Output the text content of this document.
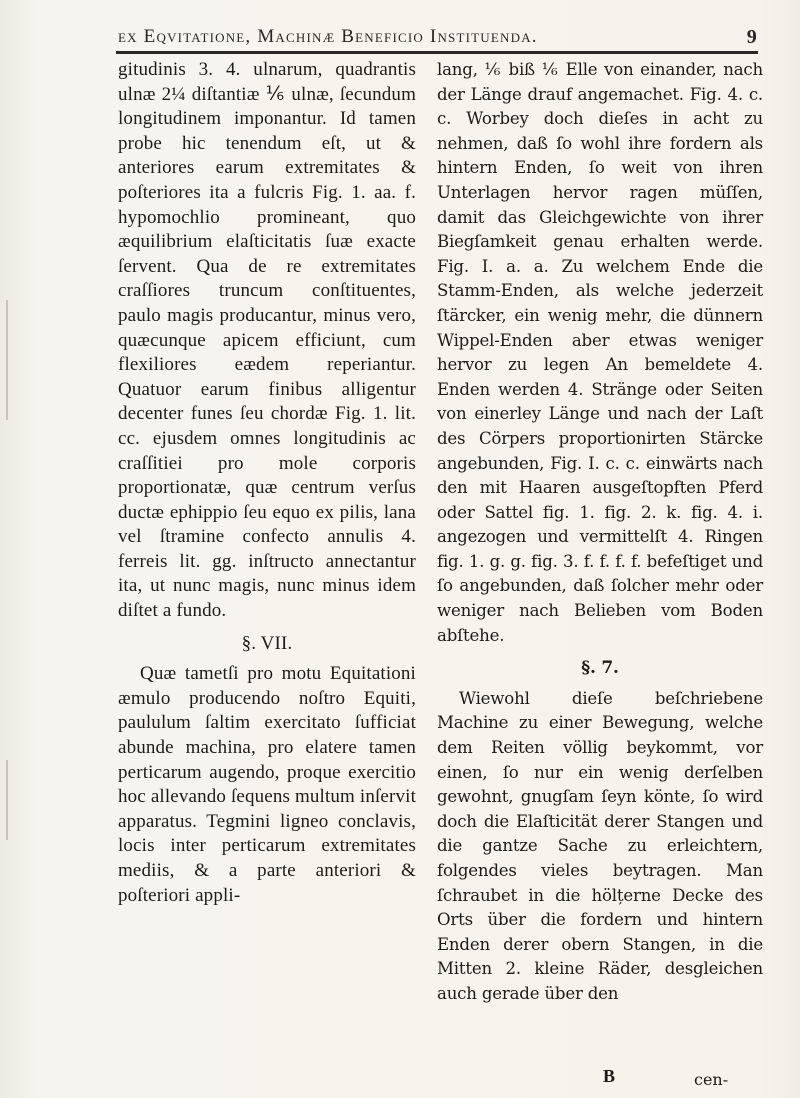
ex Eqvitatione, Machinæ Beneficio Instituenda.	9

gitudinis 3. 4. ulnarum, quadrantis ulnæ 2¼ diſtantiæ ⅙ ulnæ, ſecundum longitudinem imponantur. Id tamen probe hic tenendum eſt, ut & anteriores earum extremitates & poſteriores ita a fulcris Fig. 1. aa. f. hypomochlio promineant, quo æquilibrium elaſticitatis ſuæ exacte ſervent. Qua de re extremitates craſſiores truncum conſtituentes, paulo magis producantur, minus vero, quæcunque apicem efficiunt, cum flexiliores eædem reperiantur. Quatuor earum finibus alligentur decenter funes ſeu chordæ Fig. 1. lit. cc. ejusdem omnes longitudinis ac craſſitiei pro mole corporis proportionatæ, quæ centrum verſus ductæ ephippio ſeu equo ex pilis, lana vel ſtramine confecto annulis 4. ferreis lit. gg. inſtructo annectantur ita, ut nunc magis, nunc minus idem diſtet a fundo.

§. VII.

Quæ tametſi pro motu Equitationi æmulo producendo noſtro Equiti, paululum ſaltim exercitato ſufficiat abunde machina, pro elatere tamen perticarum augendo, proque exercitio hoc allevando ſequens multum inſervit apparatus. Tegmini ligneo conclavis, locis inter perticarum extremitates mediis, & a parte anteriori & poſteriori appli-

lang, ⅙ biß ⅙ Elle von einander, nach der Länge drauf angemachet. Fig. 4. c. c. Worbey doch dieſes in acht zu nehmen, daß ſo wohl ihre fordern als hintern Enden, ſo weit von ihren Unterlagen hervor ragen müſſen, damit das Gleichgewichte von ihrer Biegſamkeit genau erhalten werde. Fig. I. a. a. Zu welchem Ende die Stamm-Enden, als welche jederzeit ſtärcker, ein wenig mehr, die dünnern Wippel-Enden aber etwas weniger hervor zu legen An bemeldete 4. Enden werden 4. Stränge oder Seiten von einerley Länge und nach der Laſt des Cörpers proportionirten Stärcke angebunden, Fig. I. c. c. einwärts nach den mit Haaren ausgeſtopften Pferd oder Sattel fig. 1. fig. 2. k. fig. 4. i. angezogen und vermittelſt 4. Ringen fig. 1. g. g. fig. 3. f. f. f. f. befeſtiget und ſo angebunden, daß ſolcher mehr oder weniger nach Belieben vom Boden abſtehe.

§. 7.

Wiewohl dieſe beſchriebene Machine zu einer Bewegung, welche dem Reiten völlig beykommt, vor einen, ſo nur ein wenig derſelben gewohnt, gnugſam ſeyn könte, ſo wird doch die Elaſticität derer Stangen und die gantze Sache zu erleichtern, folgendes vieles beytragen. Man ſchraubet in die hölțerne Decke des Orts über die fordern und hintern Enden derer obern Stangen, in die Mitten 2. kleine Räder, desgleichen auch gerade über den

B	cen-
